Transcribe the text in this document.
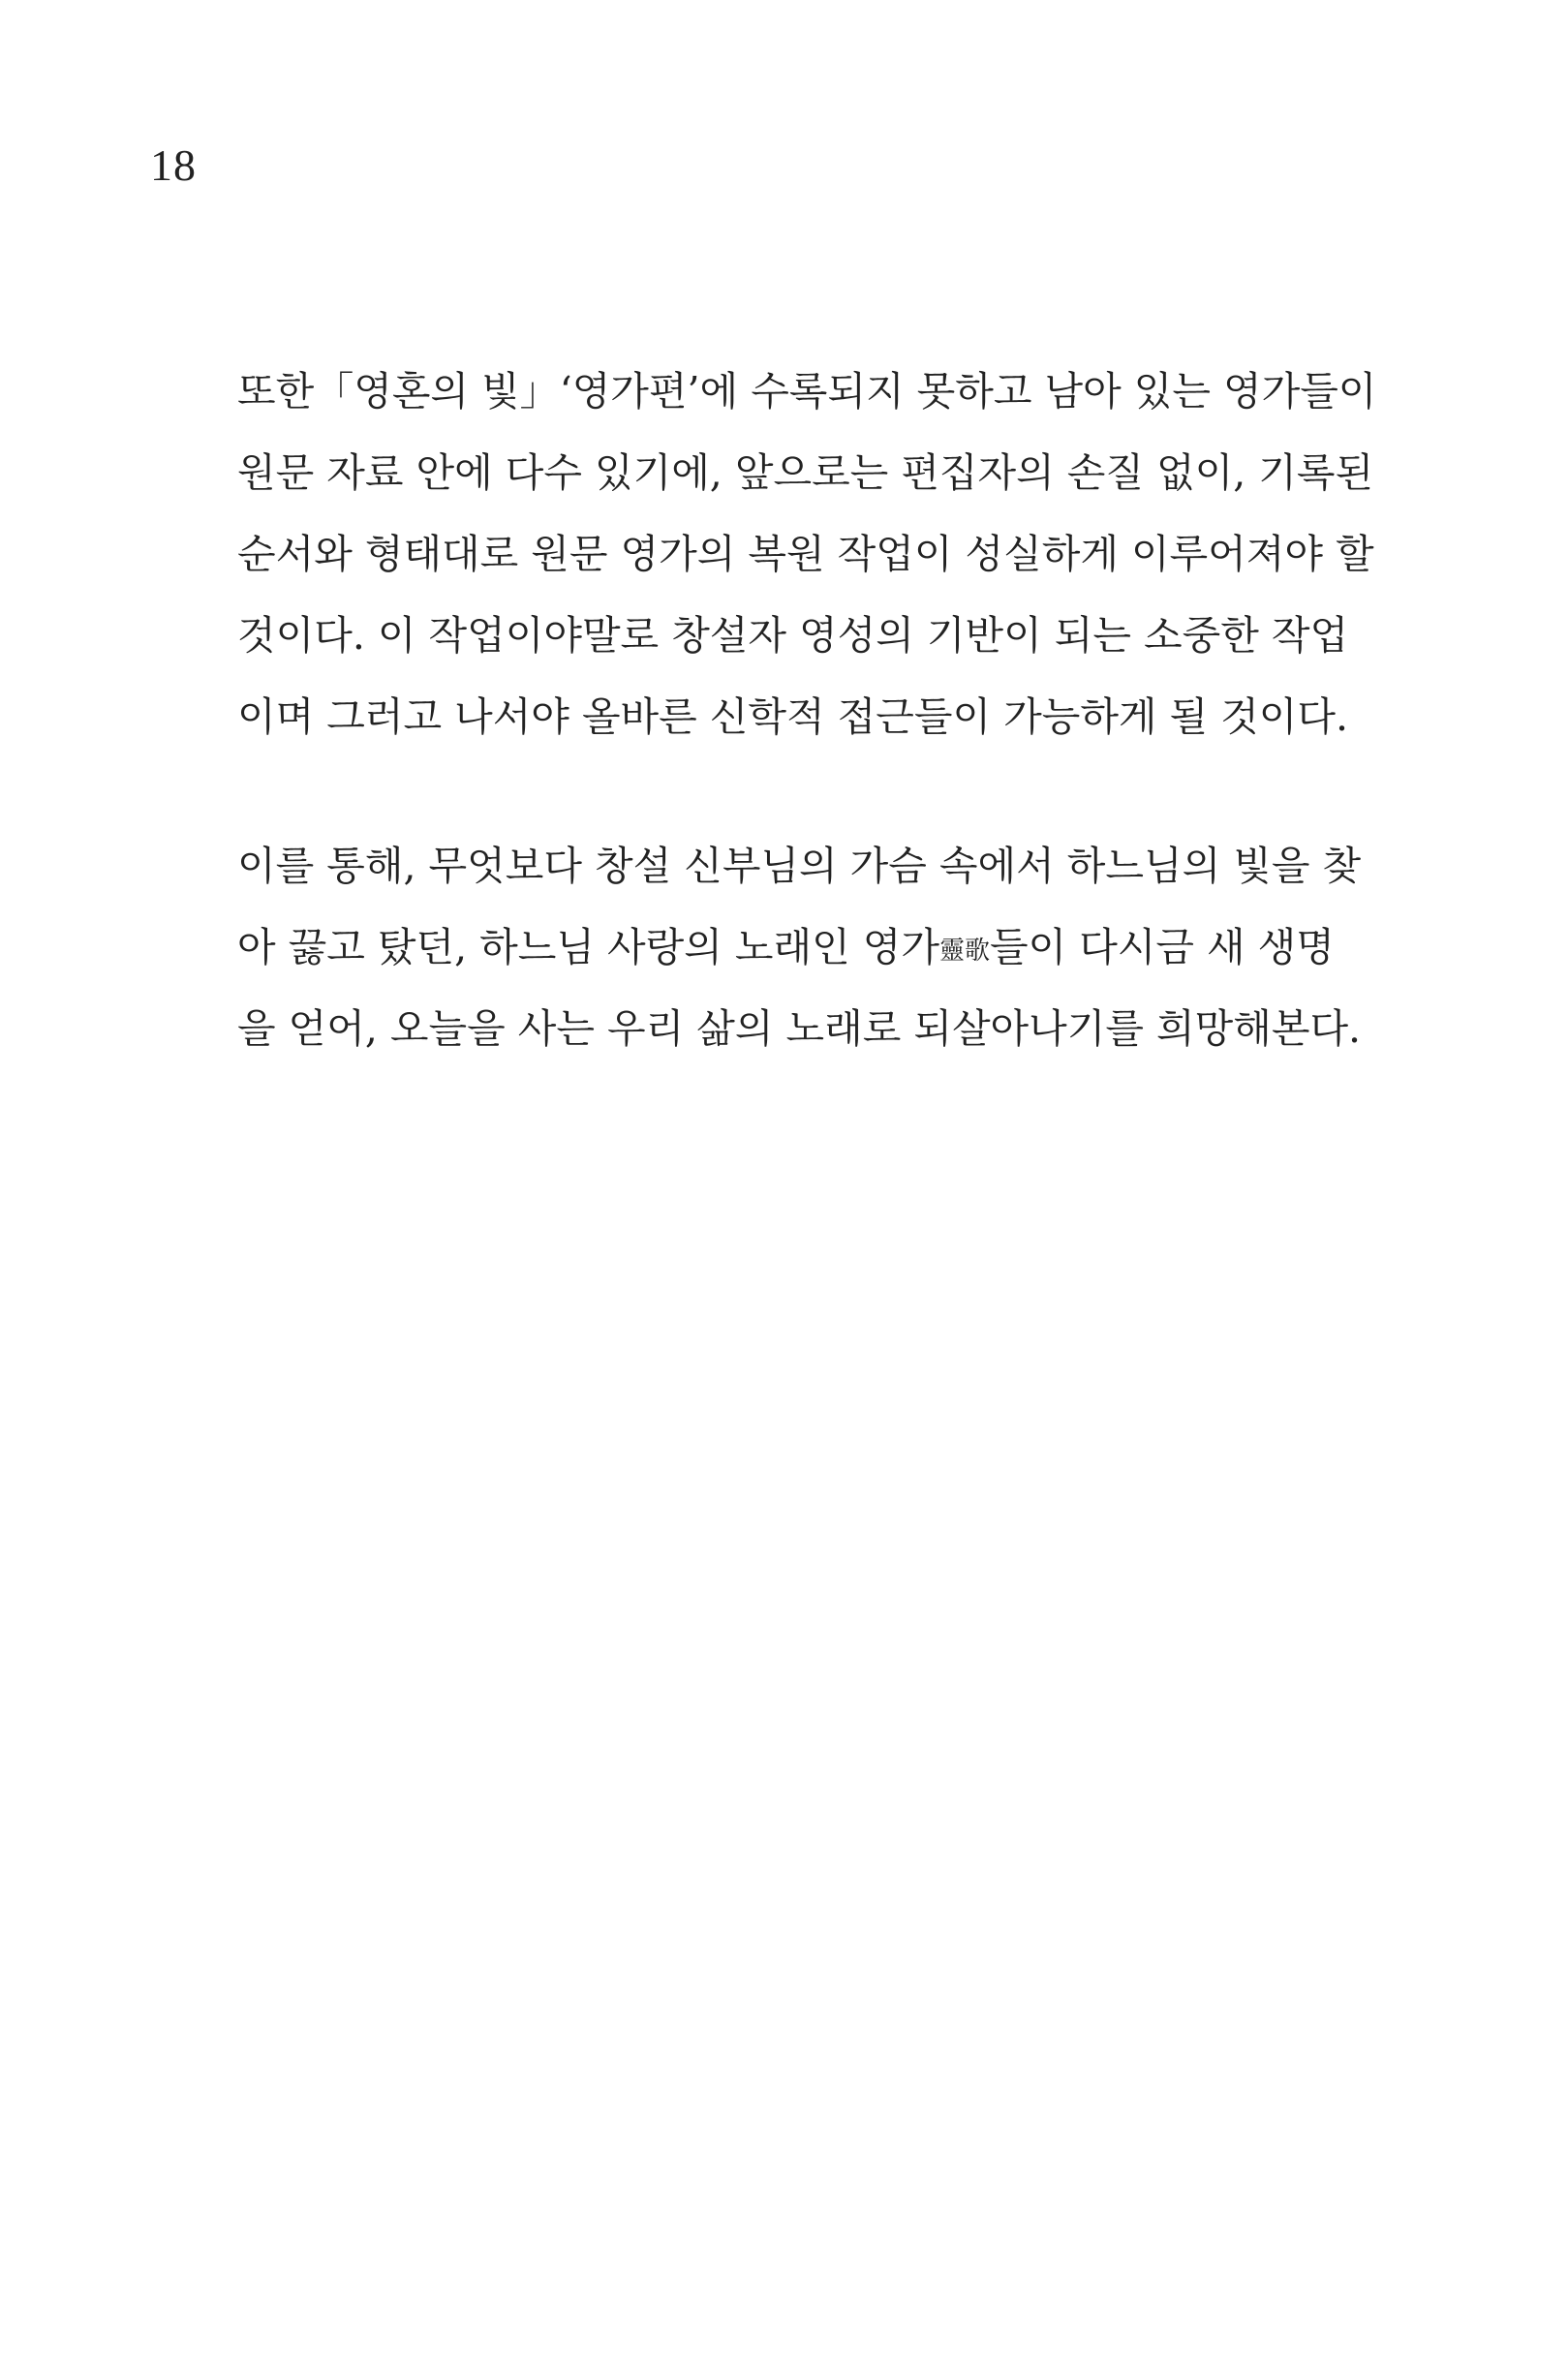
18
또한「영혼의 빛」‘영가편’에 수록되지 못하고 남아 있는 영가들이
원문 자료 안에 다수 있기에, 앞으로는 편집자의 손질 없이, 기록된
순서와 형태대로 원문 영가의 복원 작업이 성실하게 이루어져야 할
것이다. 이 작업이야말로 창설자 영성의 기반이 되는 소중한 작업
이며 그러고 나서야 올바른 신학적 접근들이 가능하게 될 것이다.
이를 통해, 무엇보다 창설 신부님의 가슴 속에서 하느님의 빛을 찾
아 끓고 탔던, 하느님 사랑의 노래인 영가靈歌들이 다시금 새 생명
을 얻어, 오늘을 사는 우리 삶의 노래로 되살아나기를 희망해본다.
